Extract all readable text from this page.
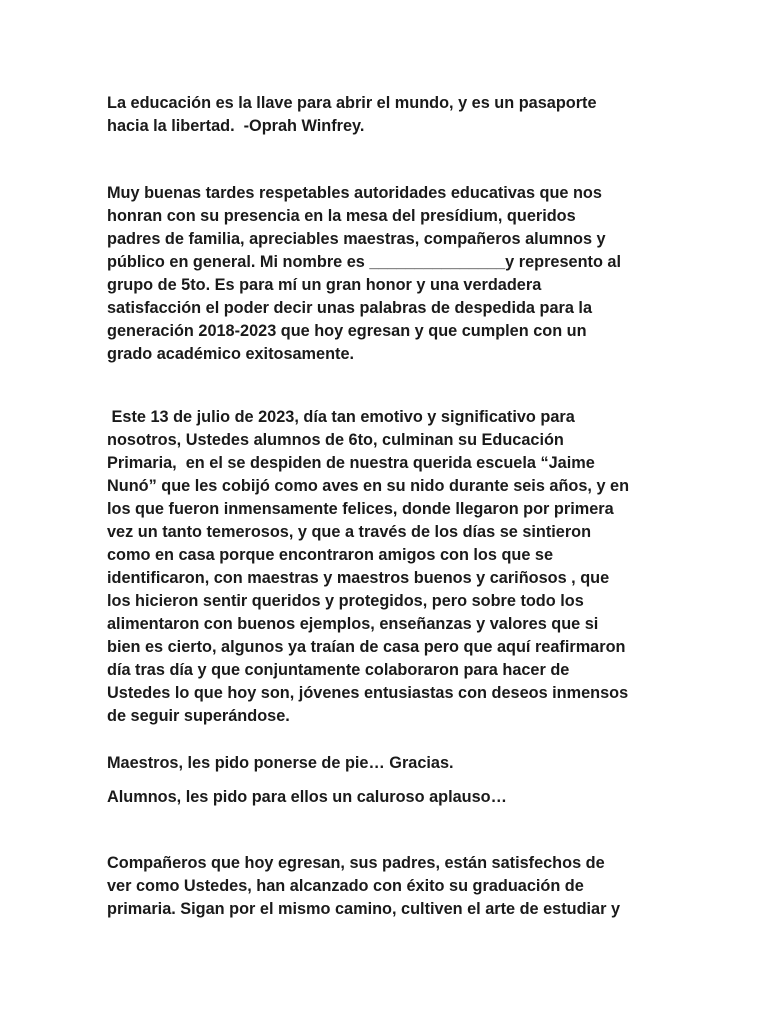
La educación es la llave para abrir el mundo, y es un pasaporte
hacia la libertad.  -Oprah Winfrey.
Muy buenas tardes respetables autoridades educativas que nos
honran con su presencia en la mesa del presídium, queridos
padres de familia, apreciables maestras, compañeros alumnos y
público en general. Mi nombre es _______________y represento al
grupo de 5to. Es para mí un gran honor y una verdadera
satisfacción el poder decir unas palabras de despedida para la
generación 2018-2023 que hoy egresan y que cumplen con un
grado académico exitosamente.
Este 13 de julio de 2023, día tan emotivo y significativo para
nosotros, Ustedes alumnos de 6to, culminan su Educación
Primaria,  en el se despiden de nuestra querida escuela “Jaime
Nunó” que les cobijó como aves en su nido durante seis años, y en
los que fueron inmensamente felices, donde llegaron por primera
vez un tanto temerosos, y que a través de los días se sintieron
como en casa porque encontraron amigos con los que se
identificaron, con maestras y maestros buenos y cariñosos , que
los hicieron sentir queridos y protegidos, pero sobre todo los
alimentaron con buenos ejemplos, enseñanzas y valores que si
bien es cierto, algunos ya traían de casa pero que aquí reafirmaron
día tras día y que conjuntamente colaboraron para hacer de
Ustedes lo que hoy son, jóvenes entusiastas con deseos inmensos
de seguir superándose.
Maestros, les pido ponerse de pie… Gracias.
Alumnos, les pido para ellos un caluroso aplauso…
Compañeros que hoy egresan, sus padres, están satisfechos de
ver como Ustedes, han alcanzado con éxito su graduación de
primaria. Sigan por el mismo camino, cultiven el arte de estudiar y
